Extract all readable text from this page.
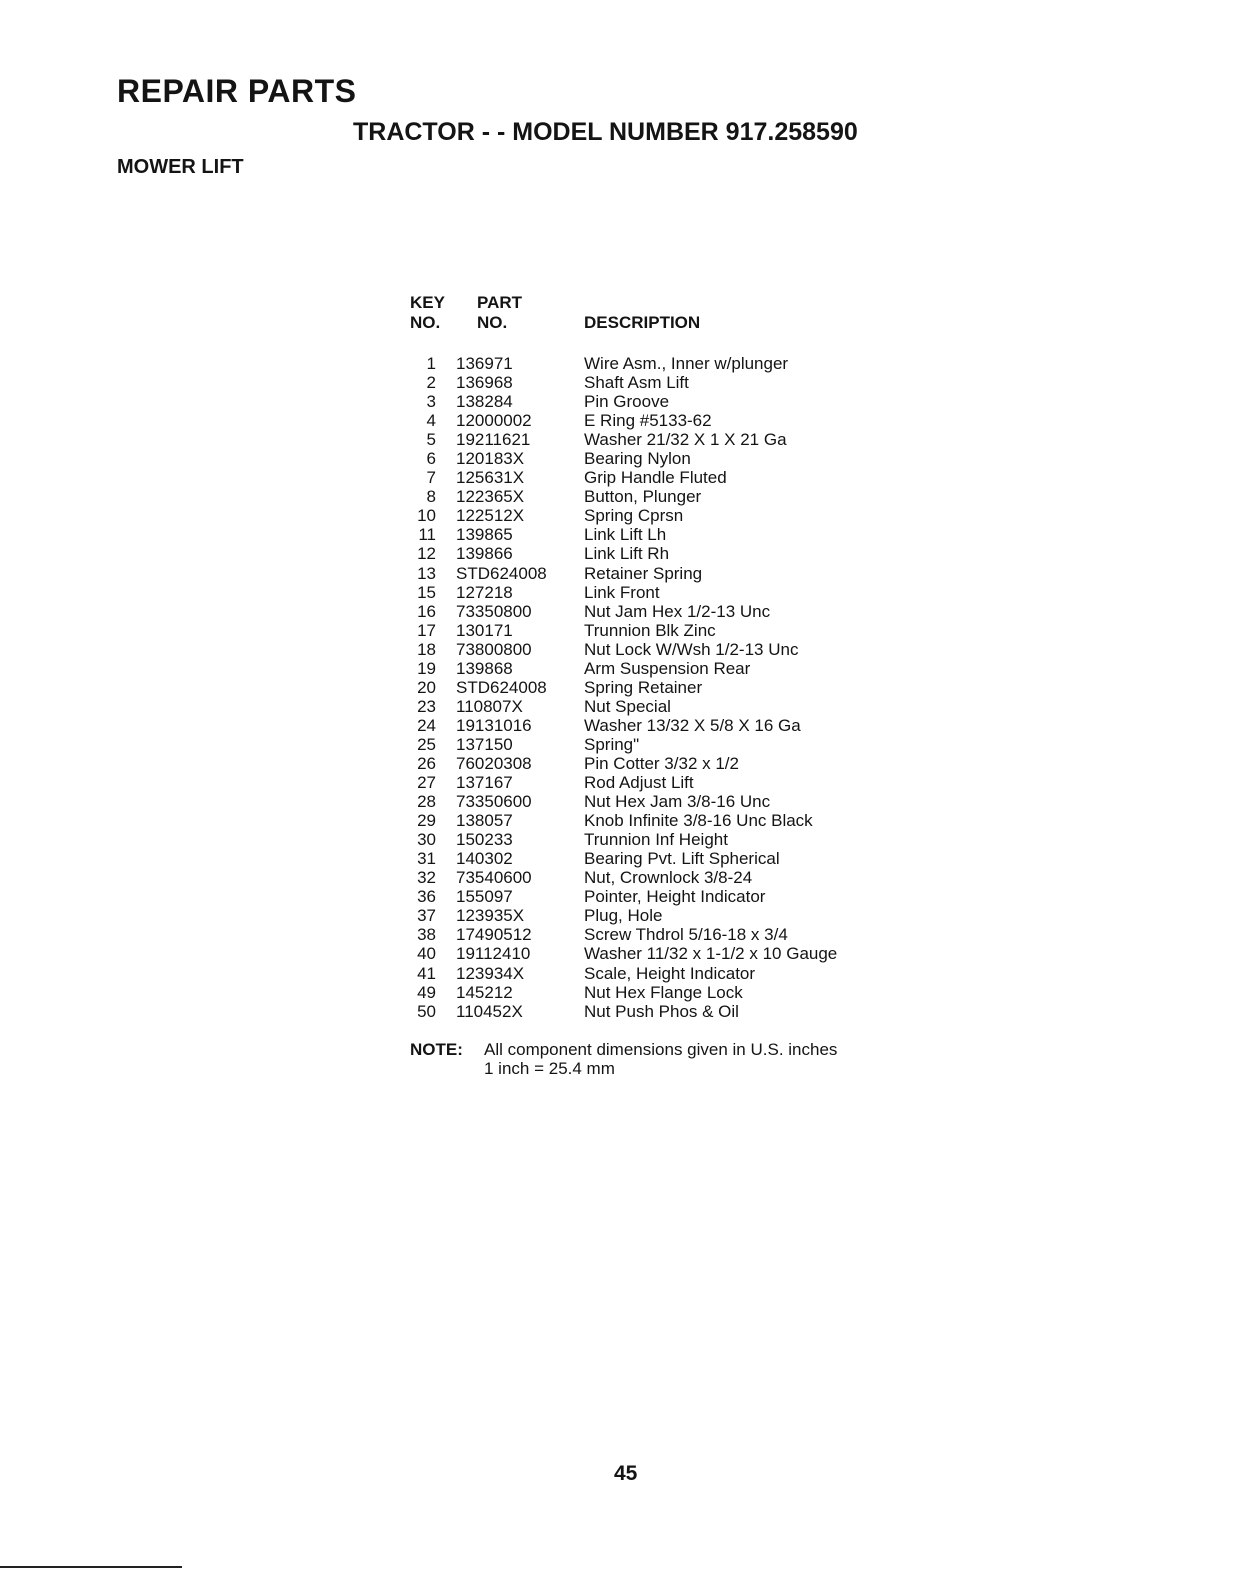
REPAIR PARTS
TRACTOR - - MODEL NUMBER 917.258590
MOWER LIFT
KEY
NO.
PART
NO.	DESCRIPTION
1 136971	Wire Asm., Inner w/plunger
2 136968	Shaft Asm Lift
3 138284	Pin Groove
4 12000002	E Ring #5133-62
5 19211621	Washer 21/32 X 1 X 21 Ga
6 120183X	Bearing Nylon
7 125631X	Grip Handle Fluted
8 122365X	Button, Plunger
10 122512X	Spring Cprsn
11 139865	Link Lift Lh
12 139866	Link Lift Rh
13 STD624008	Retainer Spring
15 127218	Link Front
16 73350800	Nut Jam Hex 1/2-13 Unc
17 130171	Trunnion Blk Zinc
18 73800800	Nut Lock W/Wsh 1/2-13 Unc
19 139868	Arm Suspension Rear
20 STD624008	Spring Retainer
23 110807X	Nut Special
24 19131016	Washer 13/32 X 5/8 X 16 Ga
25 137150	Spring"
26 76020308	Pin Cotter 3/32 x 1/2
27 137167	Rod Adjust Lift
28 73350600	Nut Hex Jam 3/8-16 Unc
29 138057	Knob Infinite 3/8-16 Unc Black
30 150233	Trunnion Inf Height
31 140302	Bearing Pvt. Lift Spherical
32 73540600	Nut, Crownlock 3/8-24
36 155097	Pointer, Height Indicator
37 123935X	Plug, Hole
38 17490512	Screw Thdrol 5/16-18 x 3/4
40 19112410	Washer 11/32 x 1-1/2 x 10 Gauge
41 123934X	Scale, Height Indicator
49 145212	Nut Hex Flange Lock
50 110452X	Nut Push Phos & Oil
NOTE: All component dimensions given in U.S. inches
1 inch = 25.4 mm
45
